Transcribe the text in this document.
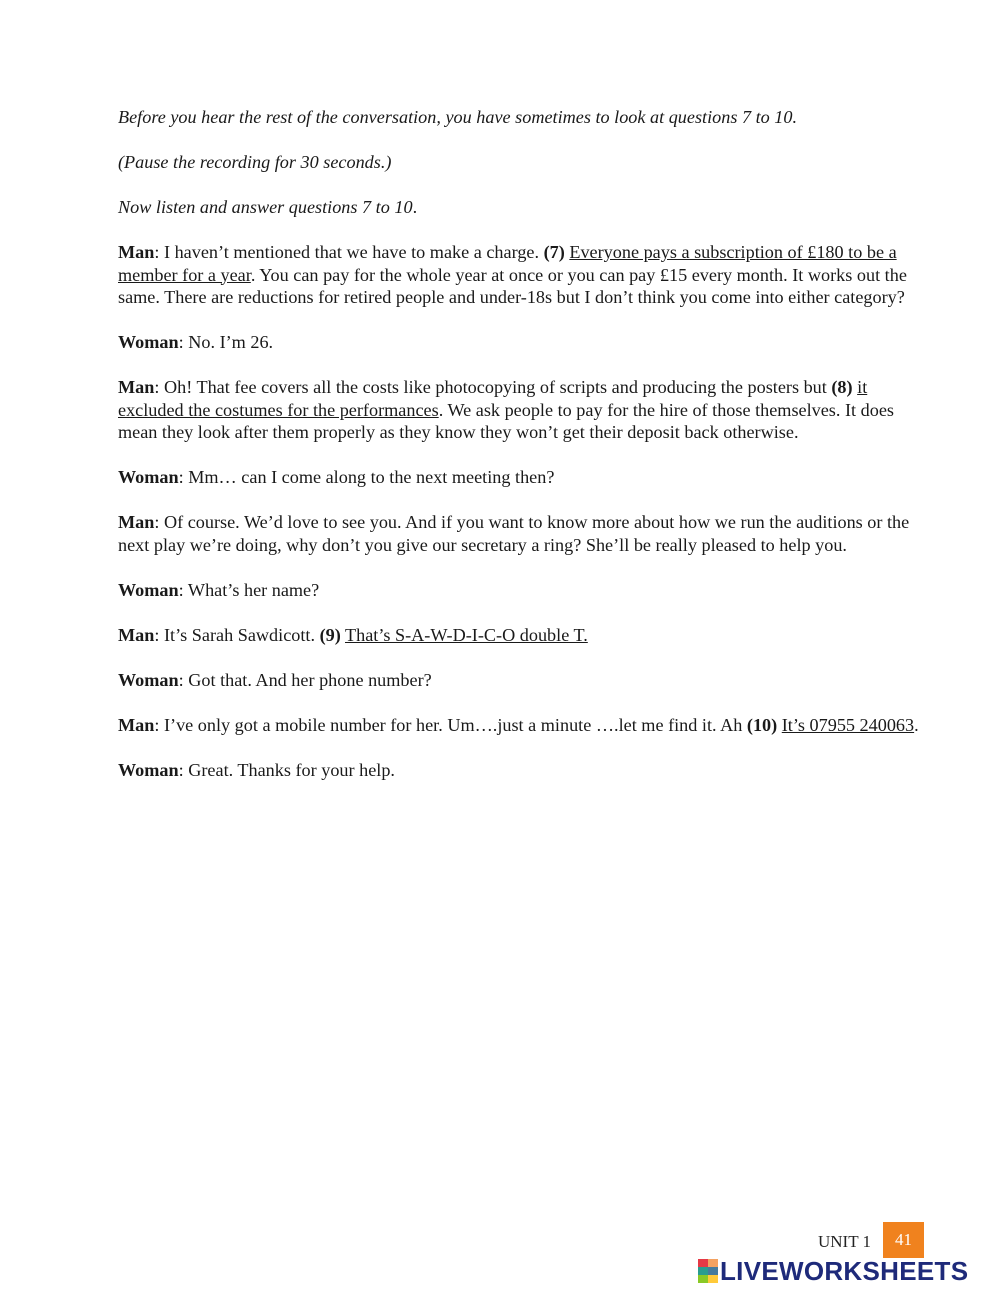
Before you hear the rest of the conversation, you have sometimes to look at questions 7 to 10.

(Pause the recording for 30 seconds.)

Now listen and answer questions 7 to 10.

Man: I haven’t mentioned that we have to make a charge. (7) Everyone pays a subscription of £180 to be a member for a year. You can pay for the whole year at once or you can pay £15 every month. It works out the same. There are reductions for retired people and under-18s but I don’t think you come into either category?

Woman: No. I’m 26.

Man: Oh! That fee covers all the costs like photocopying of scripts and producing the posters but (8) it excluded the costumes for the performances. We ask people to pay for the hire of those themselves. It does mean they look after them properly as they know they won’t get their deposit back otherwise.

Woman: Mm… can I come along to the next meeting then?

Man: Of course. We’d love to see you. And if you want to know more about how we run the auditions or the next play we’re doing, why don’t you give our secretary a ring? She’ll be really pleased to help you.

Woman: What’s her name?

Man: It’s Sarah Sawdicott. (9) That’s S-A-W-D-I-C-O double T.

Woman: Got that. And her phone number?

Man: I’ve only got a mobile number for her. Um….just a minute ….let me find it. Ah (10) It’s 07955 240063.

Woman: Great. Thanks for your help.

UNIT 1	41
LIVEWORKSHEETS
